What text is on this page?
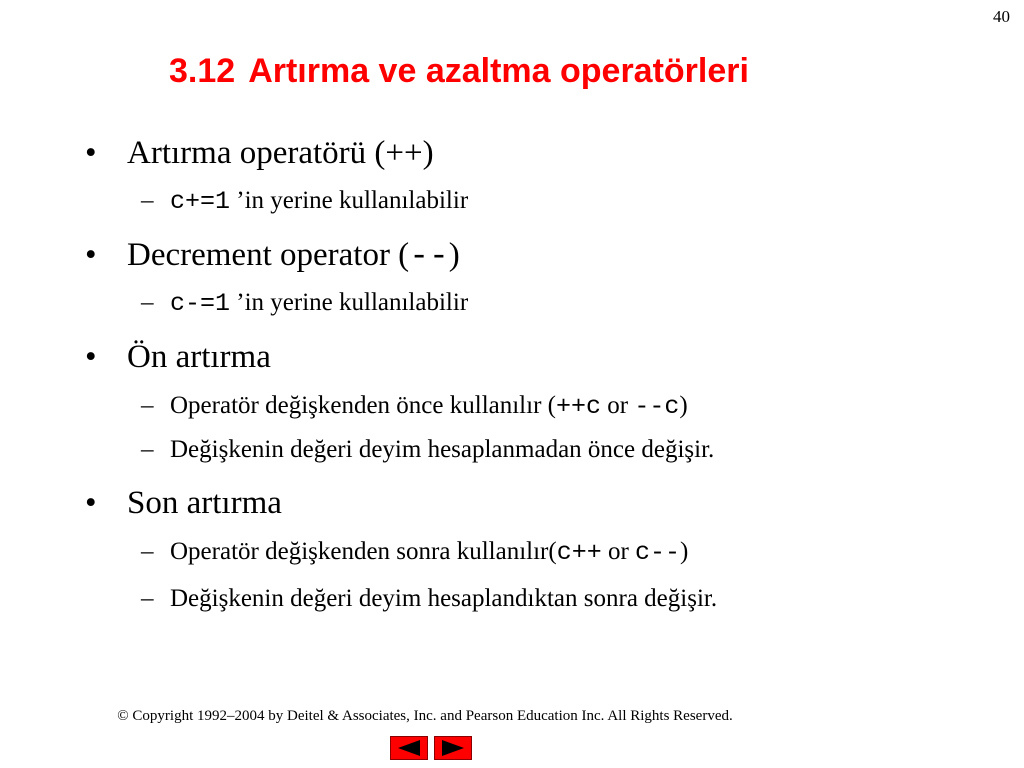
40
3.12 Artırma ve azaltma operatörleri
• Artırma operatörü (++)
– c+=1 ’in yerine kullanılabilir
• Decrement operator (--)
– c-=1 ’in yerine kullanılabilir
• Ön artırma
– Operatör değişkenden önce kullanılır (++c or --c)
– Değişkenin değeri deyim hesaplanmadan önce değişir.
• Son artırma
– Operatör değişkenden sonra kullanılır(c++ or c--)
– Değişkenin değeri deyim hesaplandıktan sonra değişir.
© Copyright 1992–2004 by Deitel & Associates, Inc. and Pearson Education Inc. All Rights Reserved.
